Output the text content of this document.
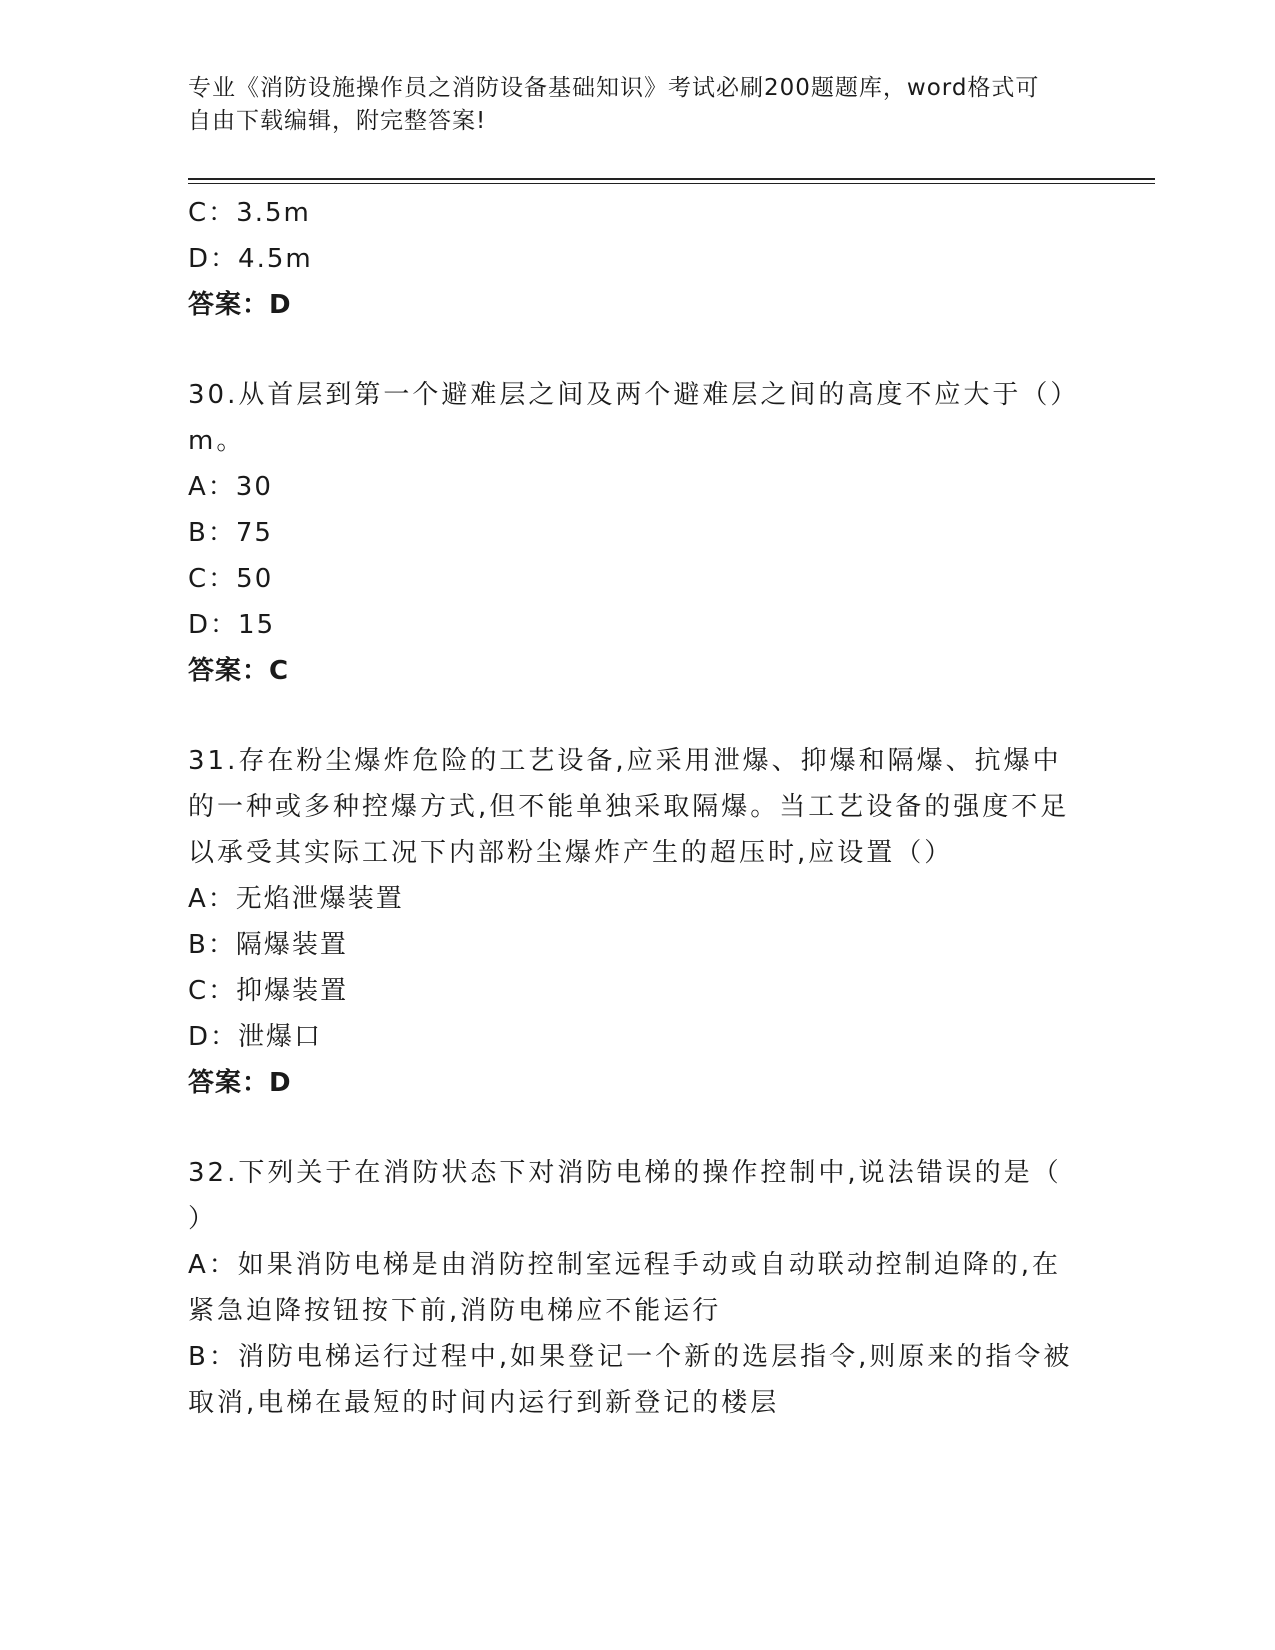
专业《消防设施操作员之消防设备基础知识》考试必刷200题题库，word格式可
自由下载编辑，附完整答案!
C：3.5m
D：4.5m
答案：D
30.从首层到第一个避难层之间及两个避难层之间的高度不应大于（）
m。
A：30
B：75
C：50
D：15
答案：C
31.存在粉尘爆炸危险的工艺设备,应采用泄爆、抑爆和隔爆、抗爆中
的一种或多种控爆方式,但不能单独采取隔爆。当工艺设备的强度不足
以承受其实际工况下内部粉尘爆炸产生的超压时,应设置（）
A：无焰泄爆装置
B：隔爆装置
C：抑爆装置
D：泄爆口
答案：D
32.下列关于在消防状态下对消防电梯的操作控制中,说法错误的是（
）
A：如果消防电梯是由消防控制室远程手动或自动联动控制迫降的,在
紧急迫降按钮按下前,消防电梯应不能运行
B：消防电梯运行过程中,如果登记一个新的选层指令,则原来的指令被
取消,电梯在最短的时间内运行到新登记的楼层
